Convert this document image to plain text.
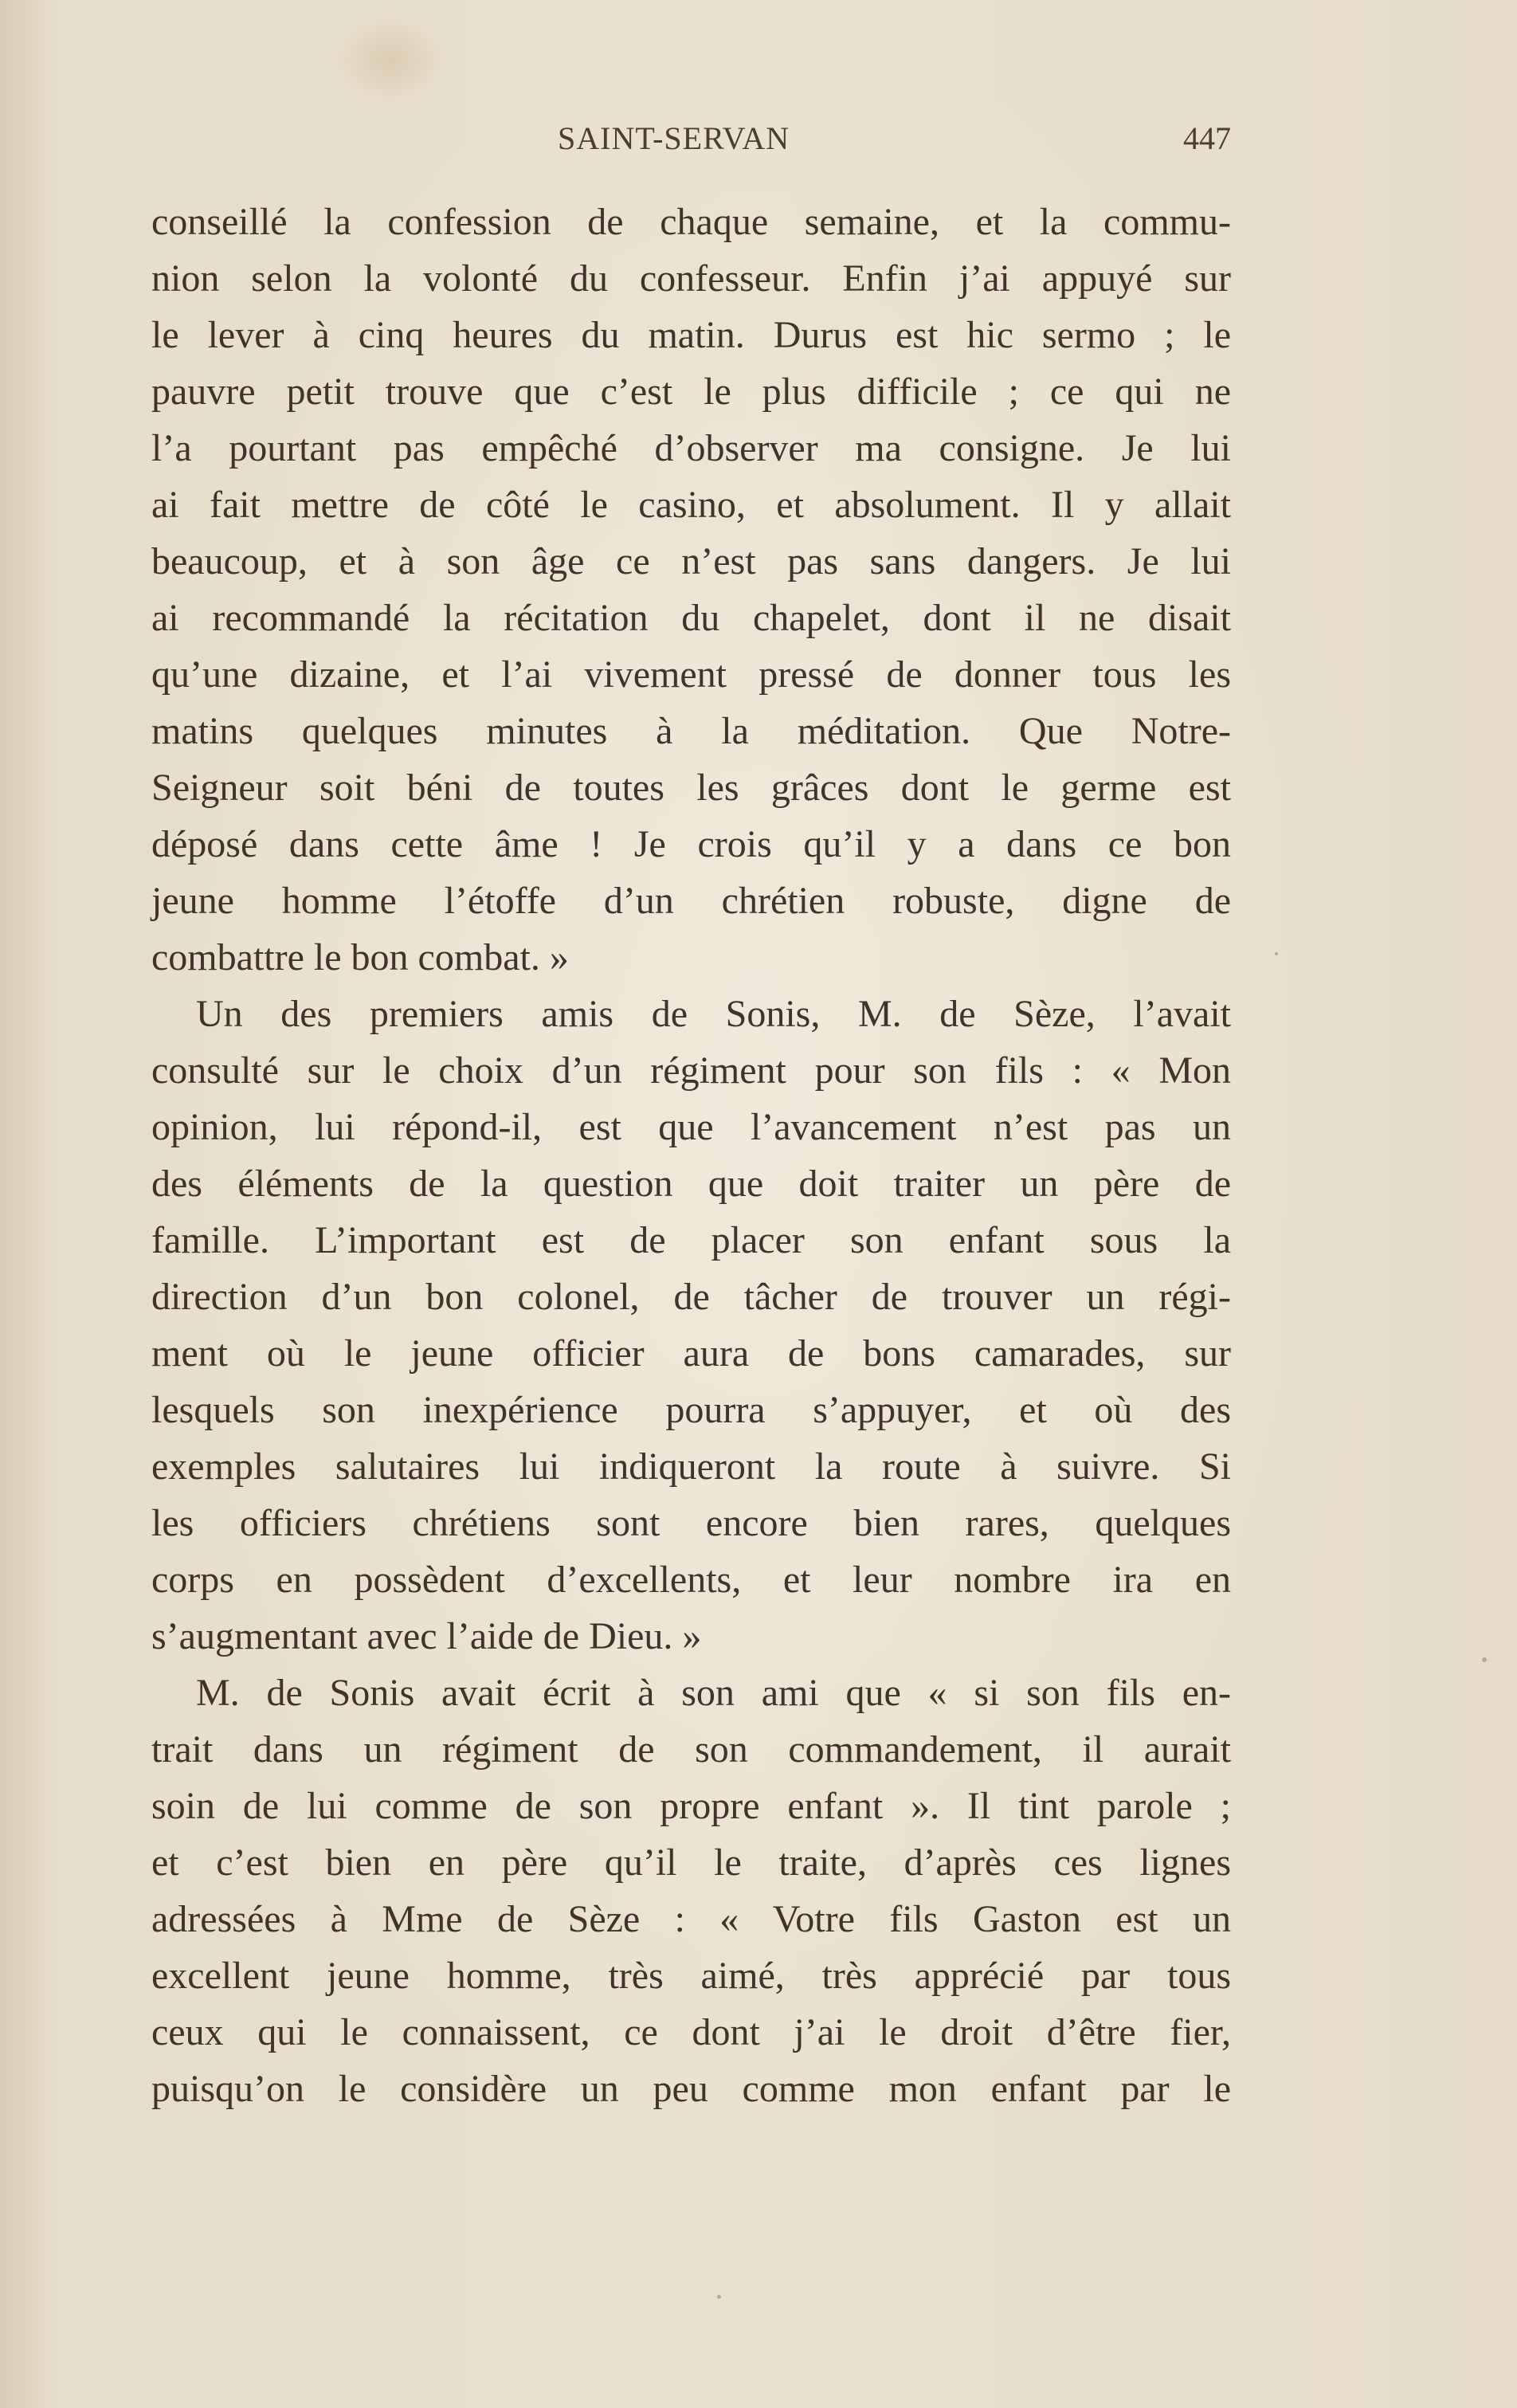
SAINT-SERVAN	447
conseillé la confession de chaque semaine, et la commu-
nion selon la volonté du confesseur. Enfin j’ai appuyé sur
le lever à cinq heures du matin. Durus est hic sermo ; le
pauvre petit trouve que c’est le plus difficile ; ce qui ne
l’a pourtant pas empêché d’observer ma consigne. Je lui
ai fait mettre de côté le casino, et absolument. Il y allait
beaucoup, et à son âge ce n’est pas sans dangers. Je lui
ai recommandé la récitation du chapelet, dont il ne disait
qu’une dizaine, et l’ai vivement pressé de donner tous les
matins quelques minutes à la méditation. Que Notre-
Seigneur soit béni de toutes les grâces dont le germe est
déposé dans cette âme ! Je crois qu’il y a dans ce bon
jeune homme l’étoffe d’un chrétien robuste, digne de
combattre le bon combat. »
Un des premiers amis de Sonis, M. de Sèze, l’avait
consulté sur le choix d’un régiment pour son fils : « Mon
opinion, lui répond-il, est que l’avancement n’est pas un
des éléments de la question que doit traiter un père de
famille. L’important est de placer son enfant sous la
direction d’un bon colonel, de tâcher de trouver un régi-
ment où le jeune officier aura de bons camarades, sur
lesquels son inexpérience pourra s’appuyer, et où des
exemples salutaires lui indiqueront la route à suivre. Si
les officiers chrétiens sont encore bien rares, quelques
corps en possèdent d’excellents, et leur nombre ira en
s’augmentant avec l’aide de Dieu. »
M. de Sonis avait écrit à son ami que « si son fils en-
trait dans un régiment de son commandement, il aurait
soin de lui comme de son propre enfant ». Il tint parole ;
et c’est bien en père qu’il le traite, d’après ces lignes
adressées à Mme de Sèze : « Votre fils Gaston est un
excellent jeune homme, très aimé, très apprécié par tous
ceux qui le connaissent, ce dont j’ai le droit d’être fier,
puisqu’on le considère un peu comme mon enfant par le
